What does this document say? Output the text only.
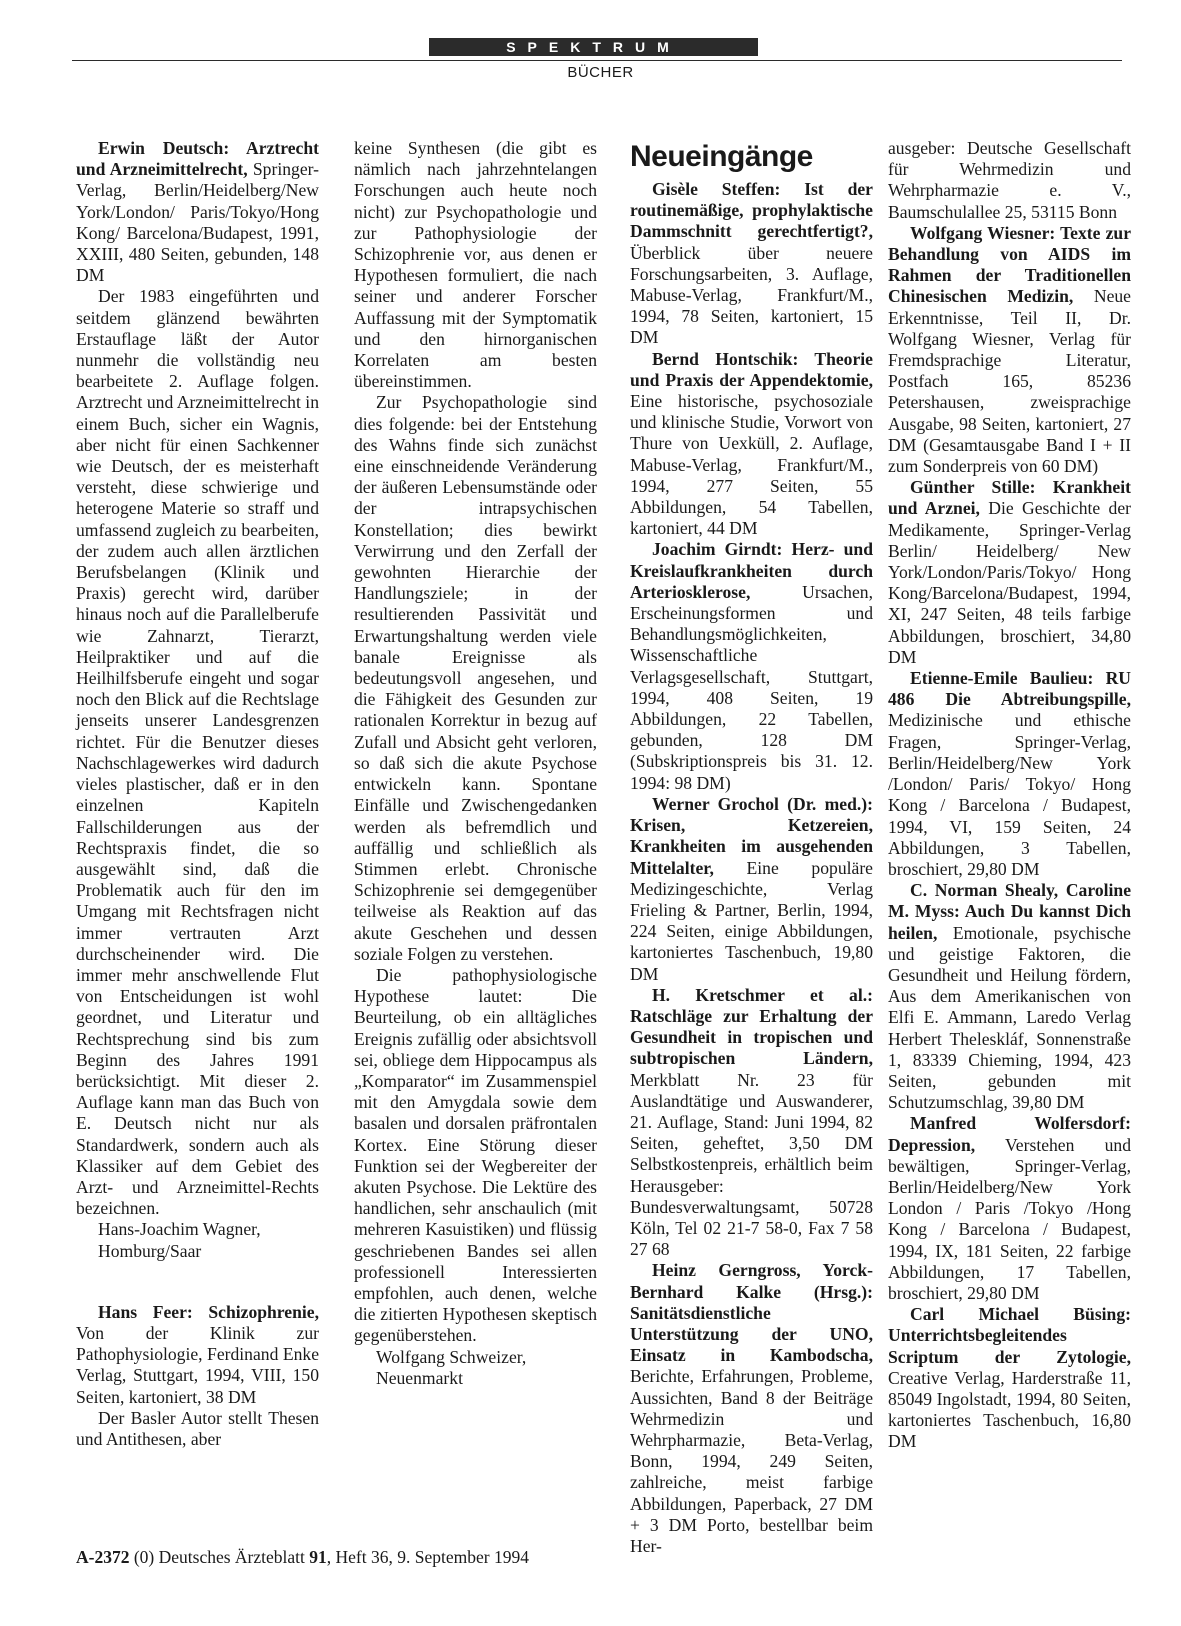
SPEKTRUM
BÜCHER

Erwin Deutsch: Arztrecht und Arzneimittelrecht, Springer-Verlag, Berlin/Heidelberg/New York/London/ Paris/Tokyo/Hong Kong/ Barcelona/Budapest, 1991, XXIII, 480 Seiten, gebunden, 148 DM

Der 1983 eingeführten und seitdem glänzend bewährten Erstauflage läßt der Autor nunmehr die vollständig neu bearbeitete 2. Auflage folgen. Arztrecht und Arzneimittelrecht in einem Buch, sicher ein Wagnis, aber nicht für einen Sachkenner wie Deutsch, der es meisterhaft versteht, diese schwierige und heterogene Materie so straff und umfassend zugleich zu bearbeiten, der zudem auch allen ärztlichen Berufsbelangen (Klinik und Praxis) gerecht wird, darüber hinaus noch auf die Parallelberufe wie Zahnarzt, Tierarzt, Heilpraktiker und auf die Heilhilfsberufe eingeht und sogar noch den Blick auf die Rechtslage jenseits unserer Landesgrenzen richtet. Für die Benutzer dieses Nachschlagewerkes wird dadurch vieles plastischer, daß er in den einzelnen Kapiteln Fallschilderungen aus der Rechtspraxis findet, die so ausgewählt sind, daß die Problematik auch für den im Umgang mit Rechtsfragen nicht immer vertrauten Arzt durchscheinender wird. Die immer mehr anschwellende Flut von Entscheidungen ist wohl geordnet, und Literatur und Rechtsprechung sind bis zum Beginn des Jahres 1991 berücksichtigt. Mit dieser 2. Auflage kann man das Buch von E. Deutsch nicht nur als Standardwerk, sondern auch als Klassiker auf dem Gebiet des Arzt- und Arzneimittel-Rechts bezeichnen.

Hans-Joachim Wagner,

Homburg/Saar

Hans Feer: Schizophrenie, Von der Klinik zur Pathophysiologie, Ferdinand Enke Verlag, Stuttgart, 1994, VIII, 150 Seiten, kartoniert, 38 DM

Der Basler Autor stellt Thesen und Antithesen, aber

keine Synthesen (die gibt es nämlich nach jahrzehntelangen Forschungen auch heute noch nicht) zur Psychopathologie und zur Pathophysiologie der Schizophrenie vor, aus denen er Hypothesen formuliert, die nach seiner und anderer Forscher Auffassung mit der Symptomatik und den hirnorganischen Korrelaten am besten übereinstimmen.

Zur Psychopathologie sind dies folgende: bei der Entstehung des Wahns finde sich zunächst eine einschneidende Veränderung der äußeren Lebensumstände oder der intrapsychischen Konstellation; dies bewirkt Verwirrung und den Zerfall der gewohnten Hierarchie der Handlungsziele; in der resultierenden Passivität und Erwartungshaltung werden viele banale Ereignisse als bedeutungsvoll angesehen, und die Fähigkeit des Gesunden zur rationalen Korrektur in bezug auf Zufall und Absicht geht verloren, so daß sich die akute Psychose entwickeln kann. Spontane Einfälle und Zwischengedanken werden als befremdlich und auffällig und schließlich als Stimmen erlebt. Chronische Schizophrenie sei demgegenüber teilweise als Reaktion auf das akute Geschehen und dessen soziale Folgen zu verstehen.

Die pathophysiologische Hypothese lautet: Die Beurteilung, ob ein alltägliches Ereignis zufällig oder absichtsvoll sei, obliege dem Hippocampus als „Komparator“ im Zusammenspiel mit den Amygdala sowie dem basalen und dorsalen präfrontalen Kortex. Eine Störung dieser Funktion sei der Wegbereiter der akuten Psychose. Die Lektüre des handlichen, sehr anschaulich (mit mehreren Kasuistiken) und flüssig geschriebenen Bandes sei allen professionell Interessierten empfohlen, auch denen, welche die zitierten Hypothesen skeptisch gegenüberstehen.

Wolfgang Schweizer,

Neuenmarkt

Neueingänge

Gisèle Steffen: Ist der routinemäßige, prophylaktische Dammschnitt gerechtfertigt?, Überblick über neuere Forschungsarbeiten, 3. Auflage, Mabuse-Verlag, Frankfurt/M., 1994, 78 Seiten, kartoniert, 15 DM

Bernd Hontschik: Theorie und Praxis der Appendektomie, Eine historische, psychosoziale und klinische Studie, Vorwort von Thure von Uexküll, 2. Auflage, Mabuse-Verlag, Frankfurt/M., 1994, 277 Seiten, 55 Abbildungen, 54 Tabellen, kartoniert, 44 DM

Joachim Girndt: Herz- und Kreislaufkrankheiten durch Arteriosklerose,	Ursachen, Erscheinungsformen und Behandlungsmöglichkeiten, Wissenschaftliche Verlagsgesellschaft, Stuttgart, 1994, 408 Seiten, 19 Abbildungen, 22 Tabellen, gebunden, 128 DM (Subskriptionspreis bis 31. 12. 1994: 98 DM)

Werner Grochol (Dr. med.): Krisen, Ketzereien, Krankheiten im ausgehenden Mittelalter, Eine populäre Medizingeschichte, Verlag Frieling & Partner, Berlin, 1994, 224 Seiten, einige Abbildungen, kartoniertes Taschenbuch, 19,80 DM

H. Kretschmer et al.: Ratschläge zur Erhaltung der Gesundheit in tropischen und subtropischen Ländern, Merkblatt Nr. 23 für Auslandtätige und Auswanderer, 21. Auflage, Stand: Juni 1994, 82 Seiten, geheftet, 3,50 DM Selbstkostenpreis, erhältlich beim Herausgeber: Bundesverwaltungsamt, 50728 Köln, Tel 02 21-7 58-0, Fax 7 58 27 68

Heinz Gerngross, Yorck-Bernhard Kalke (Hrsg.): Sanitätsdienstliche Unterstützung der UNO, Einsatz in Kambodscha, Berichte, Erfahrungen, Probleme, Aussichten, Band 8 der Beiträge Wehrmedizin und Wehrpharmazie, Beta-Verlag, Bonn, 1994, 249 Seiten, zahlreiche, meist farbige Abbildungen, Paperback, 27 DM + 3 DM Porto, bestellbar beim Her-

ausgeber: Deutsche Gesellschaft für Wehrmedizin und Wehrpharmazie e. V., Baumschulallee 25, 53115 Bonn

Wolfgang Wiesner: Texte zur Behandlung von AIDS im Rahmen der Traditionellen Chinesischen Medizin, Neue Erkenntnisse, Teil II, Dr. Wolfgang Wiesner, Verlag für Fremdsprachige Literatur, Postfach 165, 85236 Petershausen, zweisprachige Ausgabe, 98 Seiten, kartoniert, 27 DM (Gesamtausgabe Band I + II zum Sonderpreis von 60 DM)

Günther Stille: Krankheit und Arznei, Die Geschichte der Medikamente, Springer-Verlag Berlin/ Heidelberg/ New York/London/Paris/Tokyo/ Hong Kong/Barcelona/Budapest, 1994, XI, 247 Seiten, 48 teils farbige Abbildungen, broschiert, 34,80 DM

Etienne-Emile Baulieu: RU 486 Die Abtreibungspille, Medizinische und ethische Fragen, Springer-Verlag, Berlin/Heidelberg/New York /London/ Paris/ Tokyo/ Hong Kong / Barcelona / Budapest, 1994, VI, 159 Seiten, 24 Abbildungen, 3 Tabellen, broschiert, 29,80 DM

C. Norman Shealy, Caroline M. Myss: Auch Du kannst Dich heilen, Emotionale, psychische und geistige Faktoren, die Gesundheit und Heilung fördern, Aus dem Amerikanischen von Elfi E. Ammann, Laredo Verlag Herbert Theleskláf, Sonnenstraße 1, 83339 Chieming, 1994, 423 Seiten, gebunden mit Schutzumschlag, 39,80 DM

Manfred Wolfersdorf: Depression, Verstehen und bewältigen, Springer-Verlag, Berlin/Heidelberg/New York London / Paris /Tokyo /Hong Kong / Barcelona / Budapest, 1994, IX, 181 Seiten, 22 farbige Abbildungen, 17 Tabellen, broschiert, 29,80 DM

Carl Michael Büsing: Unterrichtsbegleitendes Scriptum der Zytologie, Creative Verlag, Harderstraße 11, 85049 Ingolstadt, 1994, 80 Seiten, kartoniertes Taschenbuch, 16,80 DM

A-2372 (0) Deutsches Ärzteblatt 91, Heft 36, 9. September 1994
